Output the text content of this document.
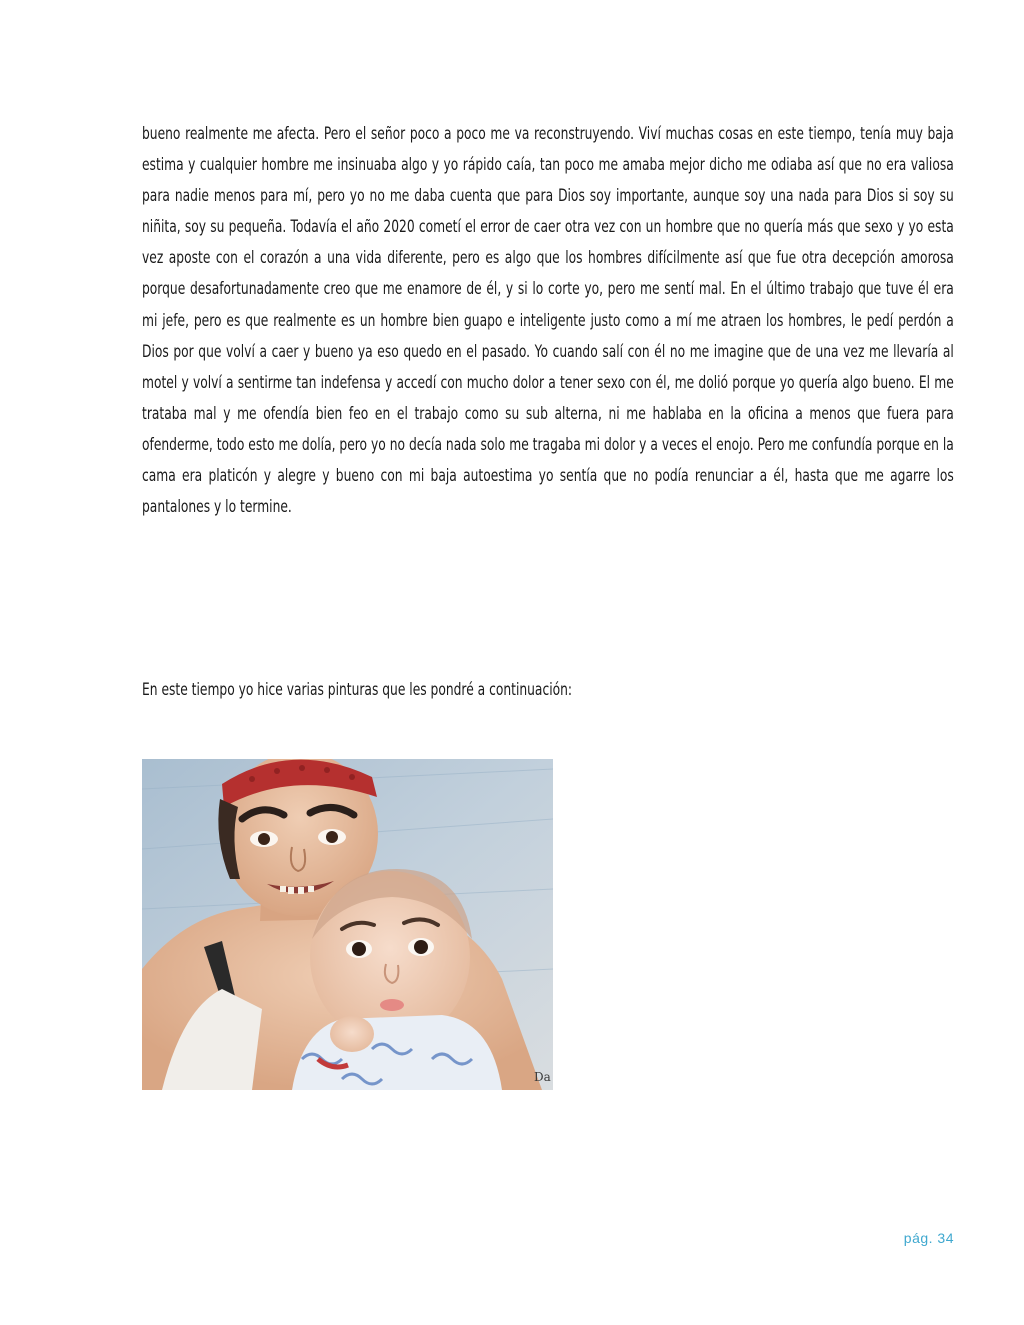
bueno realmente me afecta. Pero el señor poco a poco me va reconstruyendo. Viví muchas cosas en este tiempo, tenía muy baja estima y cualquier hombre me insinuaba algo y yo rápido caía, tan poco me amaba mejor dicho me odiaba así que no era valiosa para nadie menos para mí, pero yo no me daba cuenta que para Dios soy importante, aunque soy una nada para Dios si soy su niñita, soy su pequeña. Todavía el año 2020 cometí el error de caer otra vez con un hombre que no quería más que sexo y yo esta vez aposte con el corazón a una vida diferente, pero es algo que los hombres difícilmente así que fue otra decepción amorosa porque desafortunadamente creo que me enamore de él, y si lo corte yo, pero me sentí mal. En el último trabajo que tuve él era mi jefe, pero es que realmente es un hombre bien guapo e inteligente justo como a mí me atraen los hombres, le pedí perdón a Dios por que volví a caer y bueno ya eso quedo en el pasado. Yo cuando salí con él no me imagine que de una vez me llevaría al motel y volví a sentirme tan indefensa y accedí con mucho dolor a tener sexo con él, me dolió porque yo quería algo bueno. El me trataba mal y me ofendía bien feo en el trabajo como su sub alterna, ni me hablaba en la oficina a menos que fuera para ofenderme, todo esto me dolía, pero yo no decía nada solo me tragaba mi dolor y a veces el enojo. Pero me confundía porque en la cama era platicón y alegre y bueno con mi baja autoestima yo sentía que no podía renunciar a él, hasta que me agarre los pantalones y lo termine.

En este tiempo yo hice varias pinturas que les pondré a continuación:

Da
pág. 34
